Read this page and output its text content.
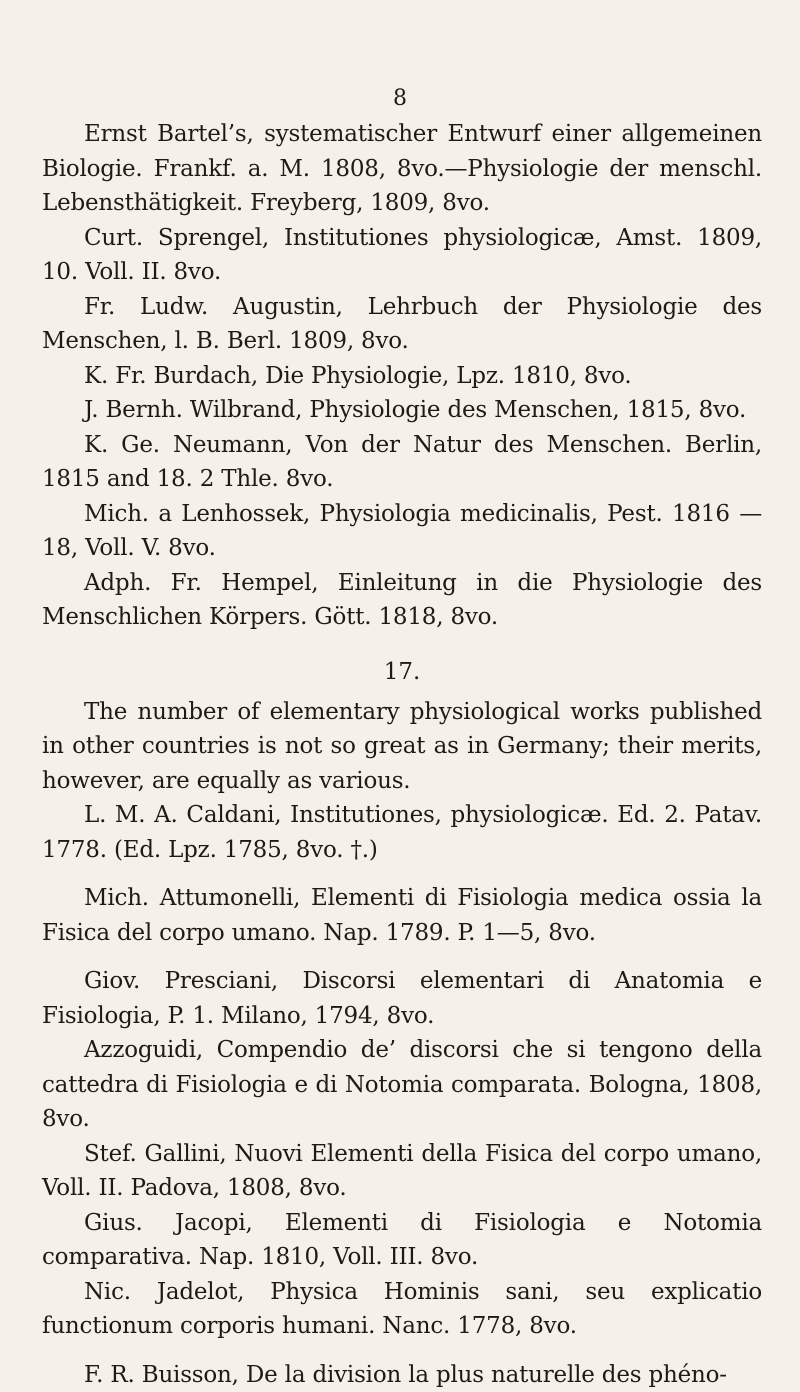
8

Ernst Bartel’s, systematischer Entwurf einer allgemeinen Biologie. Frankf. a. M. 1808, 8vo.—Physiologie der menschl. Lebensthätigkeit. Freyberg, 1809, 8vo.

Curt. Sprengel, Institutiones physiologicæ, Amst. 1809, 10. Voll. II. 8vo.

Fr. Ludw. Augustin, Lehrbuch der Physiologie des Menschen, l. B. Berl. 1809, 8vo.

K. Fr. Burdach, Die Physiologie, Lpz. 1810, 8vo.

J. Bernh. Wilbrand, Physiologie des Menschen, 1815, 8vo.

K. Ge. Neumann, Von der Natur des Menschen. Berlin, 1815 and 18. 2 Thle. 8vo.

Mich. a Lenhossek, Physiologia medicinalis, Pest. 1816 —18, Voll. V. 8vo.

Adph. Fr. Hempel, Einleitung in die Physiologie des Menschlichen Körpers. Gött. 1818, 8vo.

17.

The number of elementary physiological works published in other countries is not so great as in Germany; their merits, however, are equally as various.

L. M. A. Caldani, Institutiones, physiologicæ. Ed. 2. Patav. 1778. (Ed. Lpz. 1785, 8vo. †.)

Mich. Attumonelli, Elementi di Fisiologia medica ossia la Fisica del corpo umano. Nap. 1789. P. 1—5, 8vo.

Giov. Presciani, Discorsi elementari di Anatomia e Fisiologia, P. 1. Milano, 1794, 8vo.

Azzoguidi, Compendio de’ discorsi che si tengono della cattedra di Fisiologia e di Notomia comparata. Bologna, 1808, 8vo.

Stef. Gallini, Nuovi Elementi della Fisica del corpo umano, Voll. II. Padova, 1808, 8vo.

Gius. Jacopi, Elementi di Fisiologia e Notomia comparativa. Nap. 1810, Voll. III. 8vo.

Nic. Jadelot, Physica Hominis sani, seu explicatio functionum corporis humani. Nanc. 1778, 8vo.

F. R. Buisson, De la division la plus naturelle des phéno-
